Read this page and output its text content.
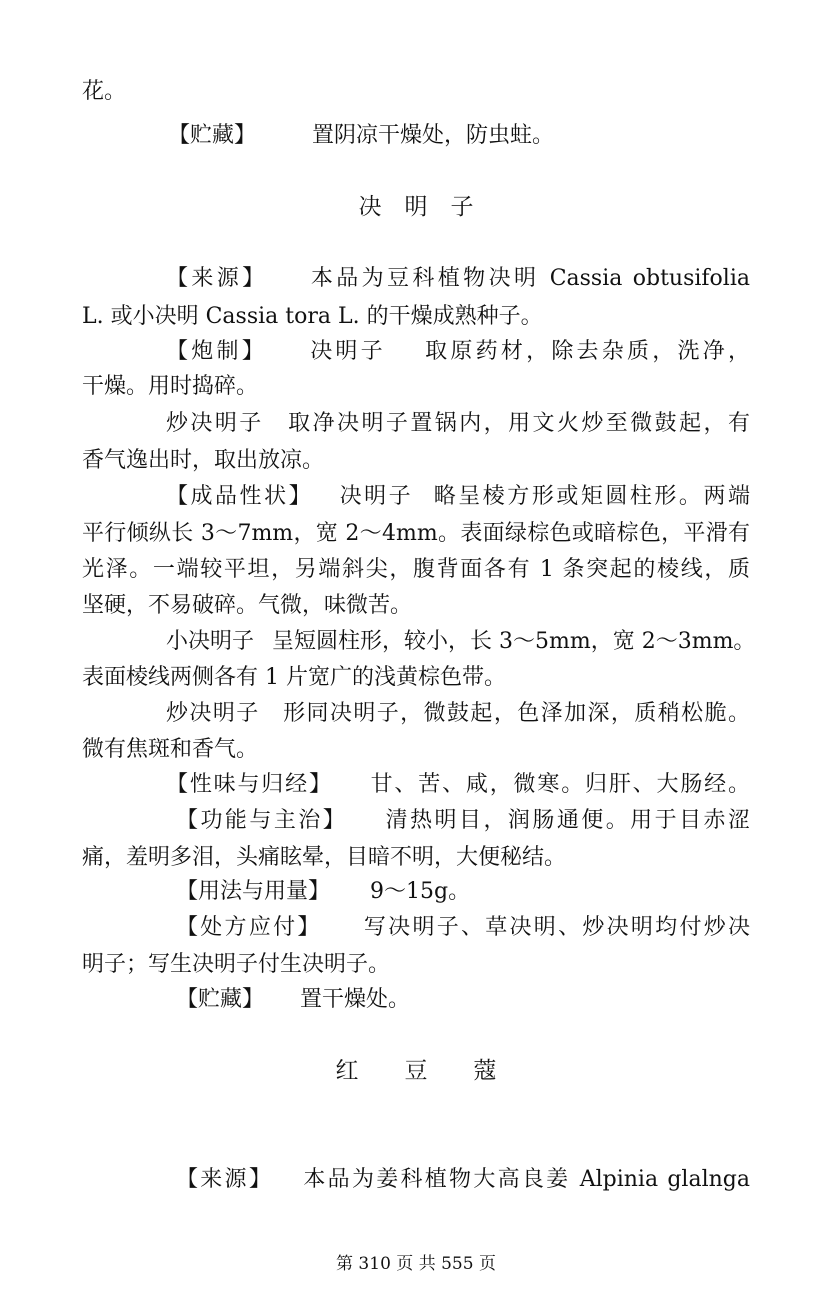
花。
【贮藏】	置阴凉干燥处，防虫蛀。
决　明　子
【来源】 本品为豆科植物决明 Cassia obtusifolia
L. 或小决明 Cassia tora L. 的干燥成熟种子。
【炮制】 决明子 取原药材，除去杂质，洗净，
干燥。用时捣碎。
炒决明子 取净决明子置锅内，用文火炒至微鼓起，有
香气逸出时，取出放凉。
【成品性状】 决明子 略呈棱方形或矩圆柱形。两端
平行倾纵长 3～7mm，宽 2～4mm。表面绿棕色或暗棕色，平滑有
光泽。一端较平坦，另端斜尖，腹背面各有 1 条突起的棱线，质
坚硬，不易破碎。气微，味微苦。
小决明子 呈短圆柱形，较小，长 3～5mm，宽 2～3mm。
表面棱线两侧各有 1 片宽广的浅黄棕色带。
炒决明子 形同决明子，微鼓起，色泽加深，质稍松脆。
微有焦斑和香气。
【性味与归经】 甘、苦、咸，微寒。归肝、大肠经。
【功能与主治】 清热明目，润肠通便。用于目赤涩
痛，羞明多泪，头痛眩晕，目暗不明，大便秘结。
【用法与用量】 9～15g。
【处方应付】 写决明子、草决明、炒决明均付炒决
明子；写生决明子付生决明子。
【贮藏】 置干燥处。
红　　豆　　蔻
【来源】 本品为姜科植物大高良姜 Alpinia glalnga
第 310 页 共 555 页
